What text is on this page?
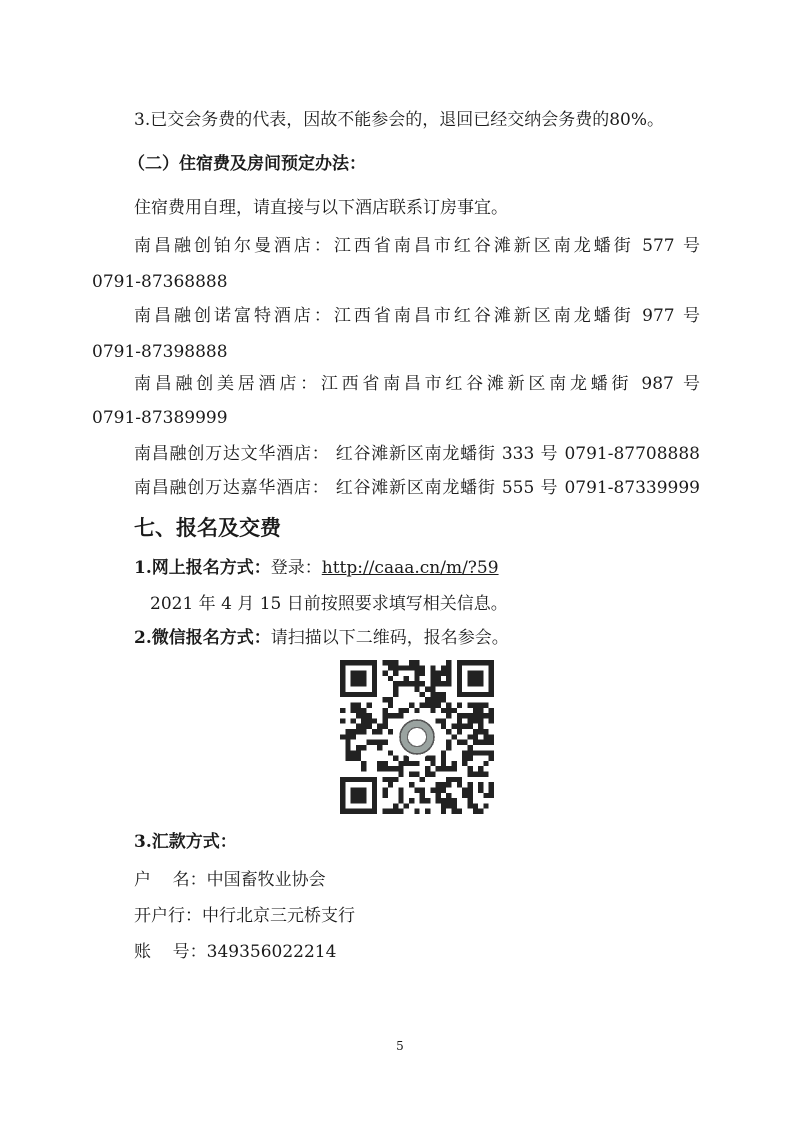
3.已交会务费的代表，因故不能参会的，退回已经交纳会务费的80%。
（二）住宿费及房间预定办法：
住宿费用自理，请直接与以下酒店联系订房事宜。
南昌融创铂尔曼酒店：江西省南昌市红谷滩新区南龙蟠街 577 号
0791-87368888
南昌融创诺富特酒店：江西省南昌市红谷滩新区南龙蟠街 977 号
0791-87398888
南昌融创美居酒店：江西省南昌市红谷滩新区南龙蟠街 987 号
0791-87389999
南昌融创万达文华酒店： 红谷滩新区南龙蟠街 333 号 0791-87708888
南昌融创万达嘉华酒店： 红谷滩新区南龙蟠街 555 号 0791-87339999
七、报名及交费
1.网上报名方式：登录：http://caaa.cn/m/?59
2021 年 4 月 15 日前按照要求填写相关信息。
2.微信报名方式：请扫描以下二维码，报名参会。
3.汇款方式：
户    名：中国畜牧业协会
开户行：中行北京三元桥支行
账    号：349356022214
5
